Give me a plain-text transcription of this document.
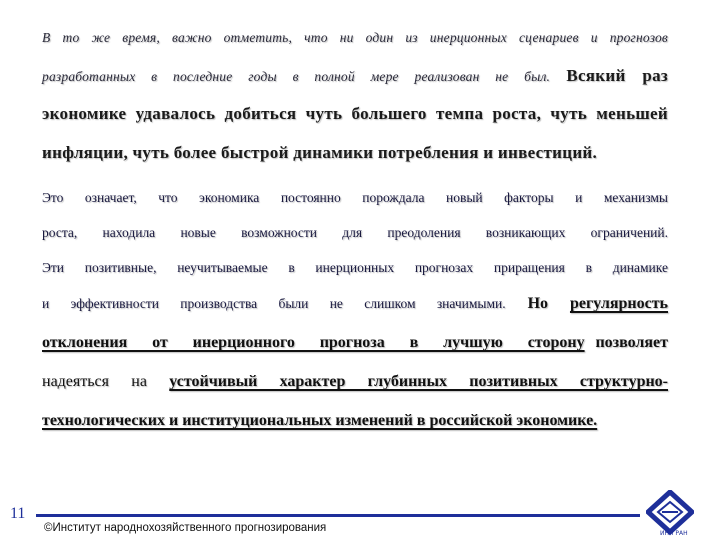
В то же время, важно отметить, что ни один из инерционных сценариев и прогнозов
разработанных в последние годы в полной мере реализован не был. Всякий раз
экономике удавалось добиться чуть большего темпа роста, чуть меньшей
инфляции, чуть более быстрой динамики потребления и инвестиций.
Это означает, что экономика постоянно порождала новый факторы и механизмы
роста, находила новые возможности для преодоления возникающих ограничений.
Эти позитивные, неучитываемые в инерционных прогнозах приращения в динамике
и эффективности производства были не слишком значимыми. Но регулярность
отклонения от инерционного прогноза в лучшую сторону позволяет
надеяться на устойчивый характер глубинных позитивных структурно-
технологических и институциональных изменений в российской экономике.
11
©Институт народнохозяйственного прогнозирования	ИНП РАН
